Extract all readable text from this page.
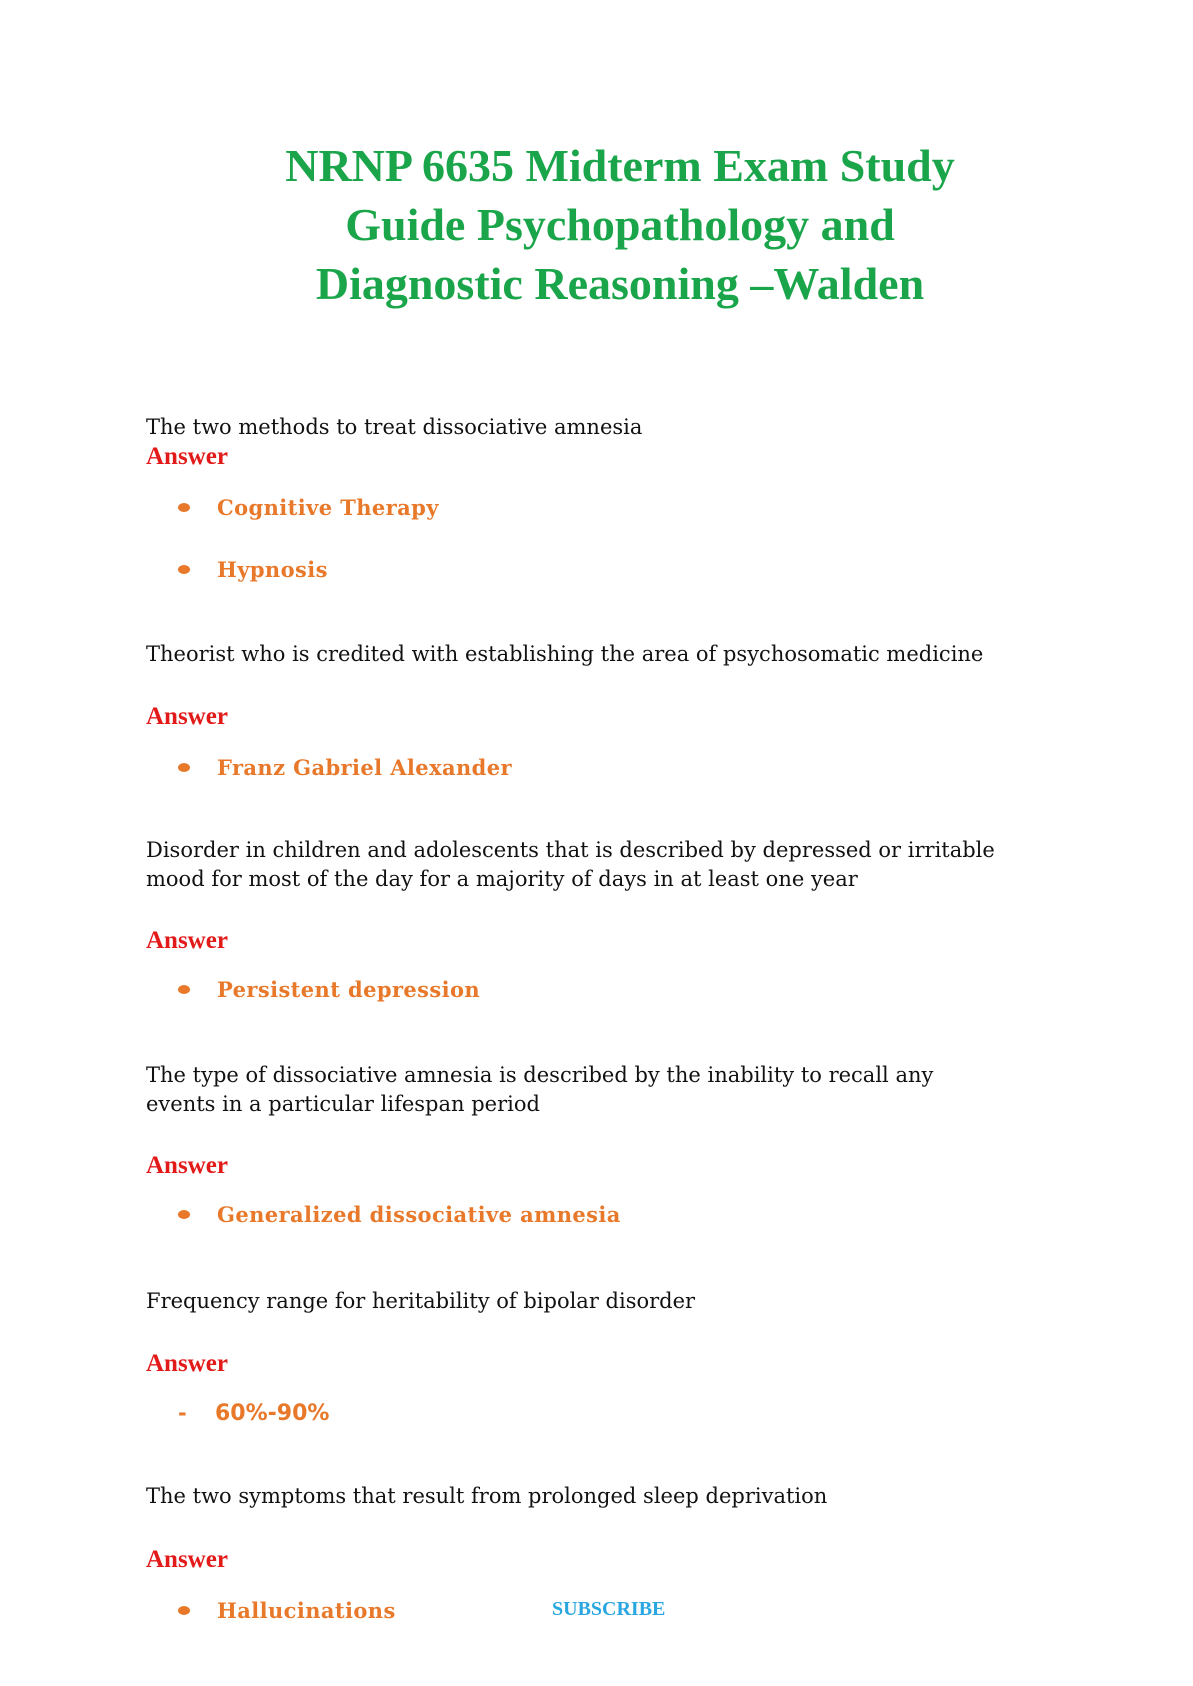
NRNP 6635 Midterm Exam Study
Guide Psychopathology and
Diagnostic Reasoning –Walden

The two methods to treat dissociative amnesia

Answer

Cognitive Therapy
Hypnosis

Theorist who is credited with establishing the area of psychosomatic medicine

Answer

Franz Gabriel Alexander

Disorder in children and adolescents that is described by depressed or irritable
mood for most of the day for a majority of days in at least one year

Answer

Persistent depression

The type of dissociative amnesia is described by the inability to recall any
events in a particular lifespan period

Answer

Generalized dissociative amnesia

Frequency range for heritability of bipolar disorder

Answer

-	60%-90%

The two symptoms that result from prolonged sleep deprivation

Answer

Hallucinations	SUBSCRIBE
